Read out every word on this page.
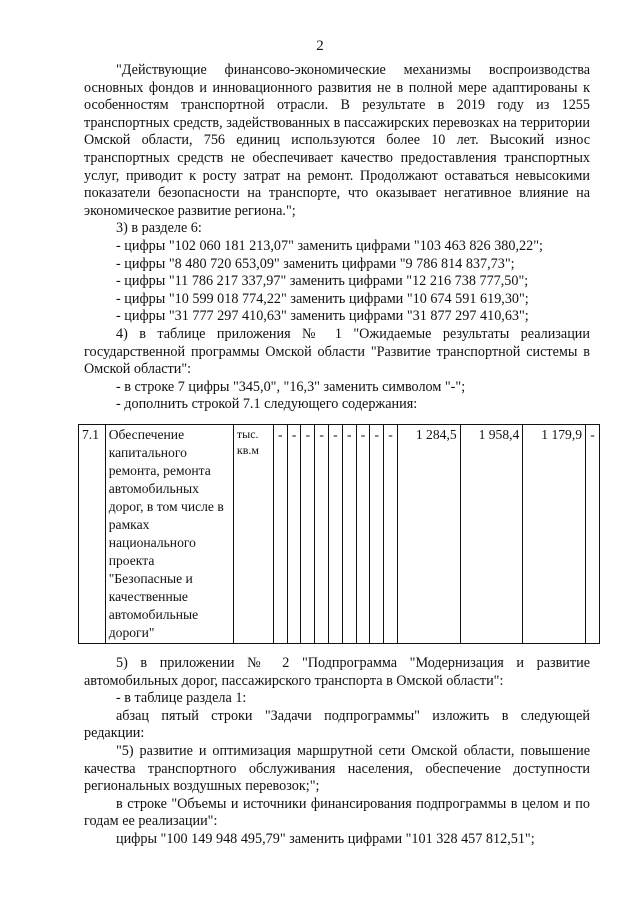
2

"Действующие финансово-экономические механизмы воспроизводства основных фондов и инновационного развития не в полной мере адаптированы к особенностям транспортной отрасли. В результате в 2019 году из 1255 транспортных средств, задействованных в пассажирских перевозках на территории Омской области, 756 единиц используются более 10 лет. Высокий износ транспортных средств не обеспечивает качество предоставления транспортных услуг, приводит к росту затрат на ремонт. Продолжают оставаться невысокими показатели безопасности на транспорте, что оказывает негативное влияние на экономическое развитие региона.";

3) в разделе 6:

- цифры "102 060 181 213,07" заменить цифрами "103 463 826 380,22";

- цифры "8 480 720 653,09" заменить цифрами "9 786 814 837,73";

- цифры "11 786 217 337,97" заменить цифрами "12 216 738 777,50";

- цифры "10 599 018 774,22" заменить цифрами "10 674 591 619,30";

- цифры "31 777 297 410,63" заменить цифрами "31 877 297 410,63";

4) в таблице приложения № 1 "Ожидаемые результаты реализации государственной программы Омской области "Развитие транспортной системы в Омской области":

- в строке 7 цифры "345,0", "16,3" заменить символом "-";

- дополнить строкой 7.1 следующего содержания:

7.1	Обеспечение капитального ремонта, ремонта автомобильных дорог, в том числе в рамках национального проекта "Безопасные и качественные автомобильные дороги"	тыс. кв.м	-	-	-	-	-	-	-	-	-	1 284,5	1 958,4	1 179,9	-

5) в приложении № 2 "Подпрограмма "Модернизация и развитие автомобильных дорог, пассажирского транспорта в Омской области":

- в таблице раздела 1:

абзац пятый строки "Задачи подпрограммы" изложить в следующей редакции:

"5) развитие и оптимизация маршрутной сети Омской области, повышение качества транспортного обслуживания населения, обеспечение доступности региональных воздушных перевозок;";

в строке "Объемы и источники финансирования подпрограммы в целом и по годам ее реализации":

цифры "100 149 948 495,79" заменить цифрами "101 328 457 812,51";
